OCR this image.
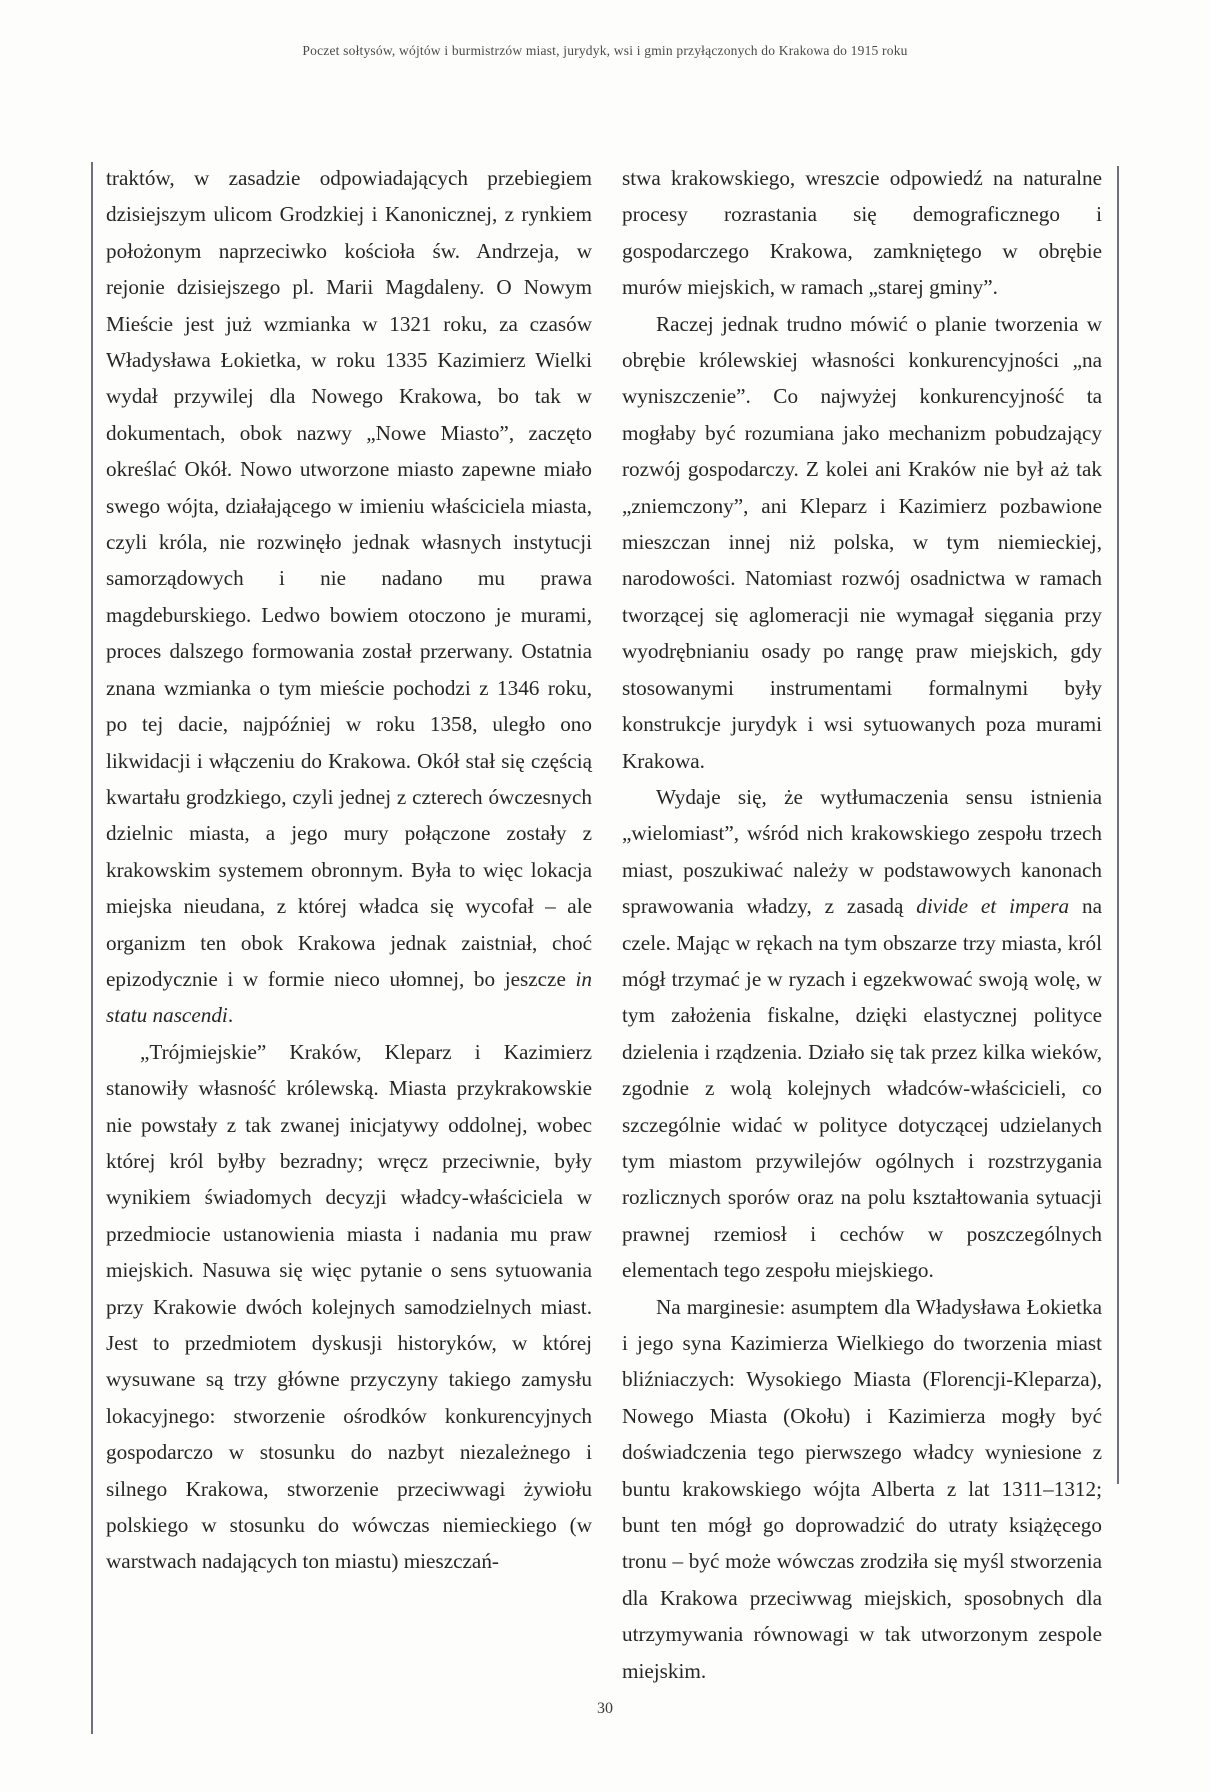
Poczet sołtysów, wójtów i burmistrzów miast, jurydyk, wsi i gmin przyłączonych do Krakowa do 1915 roku

traktów, w zasadzie odpowiadających przebiegiem dzisiejszym ulicom Grodzkiej i Kanonicznej, z rynkiem położonym naprzeciwko kościoła św. Andrzeja, w rejonie dzisiejszego pl. Marii Magdaleny. O Nowym Mieście jest już wzmianka w 1321 roku, za czasów Władysława Łokietka, w roku 1335 Kazimierz Wielki wydał przywilej dla Nowego Krakowa, bo tak w dokumentach, obok nazwy „Nowe Miasto”, zaczęto określać Okół. Nowo utworzone miasto zapewne miało swego wójta, działającego w imieniu właściciela miasta, czyli króla, nie rozwinęło jednak własnych instytucji samorządowych i nie nadano mu prawa magdeburskiego. Ledwo bowiem otoczono je murami, proces dalszego formowania został przerwany. Ostatnia znana wzmianka o tym mieście pochodzi z 1346 roku, po tej dacie, najpóźniej w roku 1358, uległo ono likwidacji i włączeniu do Krakowa. Okół stał się częścią kwartału grodzkiego, czyli jednej z czterech ówczesnych dzielnic miasta, a jego mury połączone zostały z krakowskim systemem obronnym. Była to więc lokacja miejska nieudana, z której władca się wycofał – ale organizm ten obok Krakowa jednak zaistniał, choć epizodycznie i w formie nieco ułomnej, bo jeszcze in statu nascendi.

„Trójmiejskie” Kraków, Kleparz i Kazimierz stanowiły własność królewską. Miasta przykrakowskie nie powstały z tak zwanej inicjatywy oddolnej, wobec której król byłby bezradny; wręcz przeciwnie, były wynikiem świadomych decyzji władcy-właściciela w przedmiocie ustanowienia miasta i nadania mu praw miejskich. Nasuwa się więc pytanie o sens sytuowania przy Krakowie dwóch kolejnych samodzielnych miast. Jest to przedmiotem dyskusji historyków, w której wysuwane są trzy główne przyczyny takiego zamysłu lokacyjnego: stworzenie ośrodków konkurencyjnych gospodarczo w stosunku do nazbyt niezależnego i silnego Krakowa, stworzenie przeciwwagi żywiołu polskiego w stosunku do wówczas niemieckiego (w warstwach nadających ton miastu) mieszczań-

stwa krakowskiego, wreszcie odpowiedź na naturalne procesy rozrastania się demograficznego i gospodarczego Krakowa, zamkniętego w obrębie murów miejskich, w ramach „starej gminy”.

Raczej jednak trudno mówić o planie tworzenia w obrębie królewskiej własności konkurencyjności „na wyniszczenie”. Co najwyżej konkurencyjność ta mogłaby być rozumiana jako mechanizm pobudzający rozwój gospodarczy. Z kolei ani Kraków nie był aż tak „zniemczony”, ani Kleparz i Kazimierz pozbawione mieszczan innej niż polska, w tym niemieckiej, narodowości. Natomiast rozwój osadnictwa w ramach tworzącej się aglomeracji nie wymagał sięgania przy wyodrębnianiu osady po rangę praw miejskich, gdy stosowanymi instrumentami formalnymi były konstrukcje jurydyk i wsi sytuowanych poza murami Krakowa.

Wydaje się, że wytłumaczenia sensu istnienia „wielomiast”, wśród nich krakowskiego zespołu trzech miast, poszukiwać należy w podstawowych kanonach sprawowania władzy, z zasadą divide et impera na czele. Mając w rękach na tym obszarze trzy miasta, król mógł trzymać je w ryzach i egzekwować swoją wolę, w tym założenia fiskalne, dzięki elastycznej polityce dzielenia i rządzenia. Działo się tak przez kilka wieków, zgodnie z wolą kolejnych władców-właścicieli, co szczególnie widać w polityce dotyczącej udzielanych tym miastom przywilejów ogólnych i rozstrzygania rozlicznych sporów oraz na polu kształtowania sytuacji prawnej rzemiosł i cechów w poszczególnych elementach tego zespołu miejskiego.

Na marginesie: asumptem dla Władysława Łokietka i jego syna Kazimierza Wielkiego do tworzenia miast bliźniaczych: Wysokiego Miasta (Florencji-Kleparza), Nowego Miasta (Okołu) i Kazimierza mogły być doświadczenia tego pierwszego władcy wyniesione z buntu krakowskiego wójta Alberta z lat 1311–1312; bunt ten mógł go doprowadzić do utraty książęcego tronu – być może wówczas zrodziła się myśl stworzenia dla Krakowa przeciwwag miejskich, sposobnych dla utrzymywania równowagi w tak utworzonym zespole miejskim.

30
